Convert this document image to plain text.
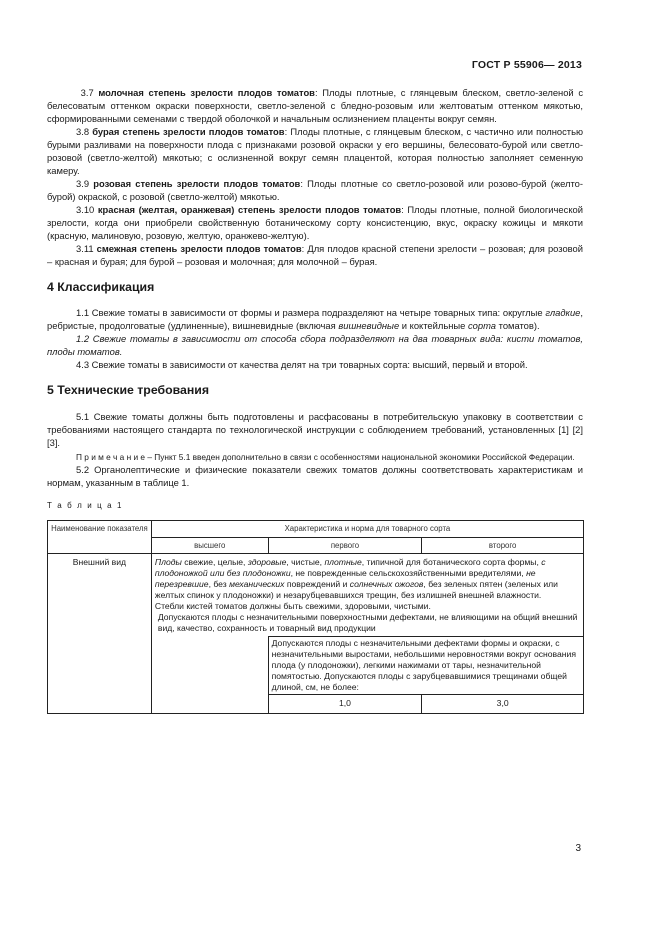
ГОСТ Р 55906— 2013

3.7 молочная степень зрелости плодов томатов: Плоды плотные, с глянцевым блеском, светло-зеленой с белесоватым оттенком окраски поверхности, светло-зеленой с бледно-розовым или желтоватым оттенком мякотью, сформированными семенами с твердой оболочкой и начальным ослизнением плаценты вокруг семян.

3.8 бурая степень зрелости плодов томатов: Плоды плотные, с глянцевым блеском, с частично или полностью бурыми разливами на поверхности плода с признаками розовой окраски у его вершины, белесовато-бурой или светло-розовой (светло-желтой) мякотью; с ослизненной вокруг семян плацентой, которая полностью заполняет семенную камеру.

3.9 розовая степень зрелости плодов томатов: Плоды плотные со светло-розовой или розово-бурой (желто-бурой) окраской, с розовой (светло-желтой) мякотью.

3.10 красная (желтая, оранжевая) степень зрелости плодов томатов: Плоды плотные, полной биологической зрелости, когда они приобрели свойственную ботаническому сорту консистенцию, вкус, окраску кожицы и мякоти (красную, малиновую, розовую, желтую, оранжево-желтую).

3.11 смежная степень зрелости плодов томатов: Для плодов красной степени зрелости – розовая; для розовой – красная и бурая; для бурой – розовая и молочная; для молочной – бурая.

4 Классификация

1.1 Свежие томаты в зависимости от формы и размера подразделяют на четыре товарных типа: округлые гладкие, ребристые, продолговатые (удлиненные), вишневидные (включая вишневидные и коктейльные сорта томатов).

1.2 Свежие томаты в зависимости от способа сбора подразделяют на два товарных вида: кисти томатов, плоды томатов.

4.3 Свежие томаты в зависимости от качества делят на три товарных сорта: высший, первый и второй.

5 Технические требования

5.1 Свежие томаты должны быть подготовлены и расфасованы в потребительскую упаковку в соответствии с требованиями настоящего стандарта по технологической инструкции с соблюдением требований, установленных [1] [2][3].

П р и м е ч а н и е – Пункт 5.1 введен дополнительно в связи с особенностями национальной экономики Российской Федерации.

5.2 Органолептические и физические показатели свежих томатов должны соответствовать характеристикам и нормам, указанным в таблице 1.

Т а б л и ц а 1
Наименование показателя	Характеристика и норма для товарного сорта		
	высшего	первого	второго
Внешний вид	Плоды свежие, целые, здоровые, чистые, плотные, типичной для ботанического сорта формы, с плодоножкой или без плодоножки, не поврежденные сельскохозяйственными вредителями, не перезревшие, без механических повреждений и солнечных ожогов, без зеленых пятен (зеленых или желтых спинок у плодоножки) и незарубцевавшихся трещин, без излишней внешней влажности.
Стебли кистей томатов должны быть свежими, здоровыми, чистыми.
Допускаются плоды с незначительными поверхностными дефектами, не влияющими на общий внешний вид, качество, сохранность и товарный вид продукции		

		Допускаются плоды с незначительными дефектами формы и окраски, с незначительными выростами, небольшими неровностями вокруг основания плода (у плодоножки), легкими нажимами от тары, незначительной помятостью. Допускаются плоды с зарубцевавшимися трещинами общей длиной, см, не более:	
		1,0	3,0
3
